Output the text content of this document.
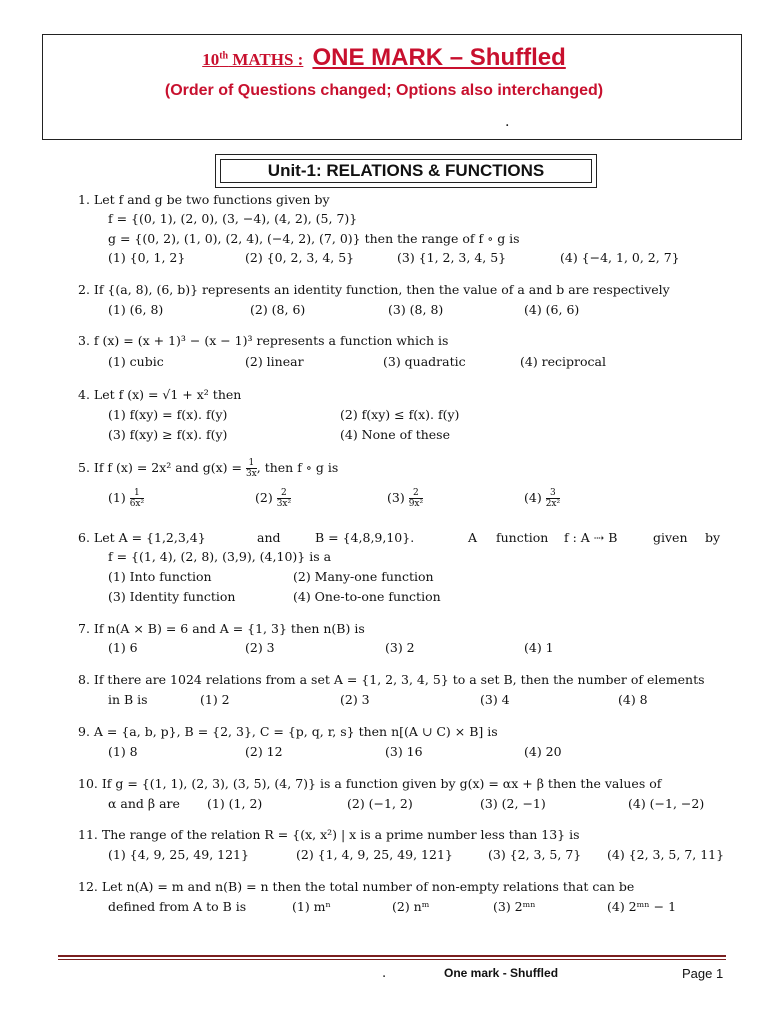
10th MATHS : ONE MARK – Shuffled
(Order of Questions changed; Options also interchanged)
.
Unit-1: RELATIONS & FUNCTIONS
1. Let f and g be two functions given by
f = {(0, 1), (2, 0), (3, −4), (4, 2), (5, 7)}
g = {(0, 2), (1, 0), (2, 4), (−4, 2), (7, 0)} then the range of f ∘ g is
(1) {0, 1, 2}	(2) {0, 2, 3, 4, 5}	(3) {1, 2, 3, 4, 5}	(4) {−4, 1, 0, 2, 7}
2. If {(a, 8), (6, b)} represents an identity function, then the value of a and b are respectively
(1) (6, 8)	(2) (8, 6)	(3) (8, 8)	(4) (6, 6)
3. f (x) = (x + 1)³ − (x − 1)³ represents a function which is
(1) cubic	(2) linear	(3) quadratic	(4) reciprocal
4. Let f (x) = √1 + x² then
(1) f(xy) = f(x). f(y)	(2) f(xy) ≤ f(x). f(y)
(3) f(xy) ≥ f(x). f(y)	(4) None of these
5. If f (x) = 2x² and $g(x) = \frac{1}{3x}$ , then f ∘ g is
$(1) \frac{1}{\text{6x²}}$	$(2) \frac{2}{\text{3x²}}$	$(3) \frac{2}{\text{9x²}}$	$(4) \frac{3}{\text{2x²}}$
6. Let A = {1,2,3,4}	and	B = {4,8,9,10}.	A function f : A ⇢ B	given by
f = {(1, 4), (2, 8), (3,9), (4,10)} is a
(1) Into function	(2) Many-one function
(3) Identity function	(4) One-to-one function
7. If n(A × B) = 6 and A = {1, 3} then n(B) is
(1) 6	(2) 3	(3) 2	(4) 1
8. If there are 1024 relations from a set A = {1, 2, 3, 4, 5} to a set B, then the number of elements
in B is	(1) 2	(2) 3	(3) 4	(4) 8
9. A = {a, b, p}, B = {2, 3}, C = {p, q, r, s} then n[(A ∪ C) × B] is
(1) 8	(2) 12	(3) 16	(4) 20
10. If g = {(1, 1), (2, 3), (3, 5), (4, 7)} is a function given by g(x) = αx + β then the values of
α and β are (1) (1, 2)	(2) (−1, 2)	(3) (2, −1)	(4) (−1, −2)
11. The range of the relation R = {(x, x²) | x is a prime number less than 13} is
(1) {4, 9, 25, 49, 121}	(2) {1, 4, 9, 25, 49, 121}	(3) {2, 3, 5, 7} (4) {2, 3, 5, 7, 11}
12. Let n(A) = m and n(B) = n then the total number of non-empty relations that can be
defined from A to B is	(1) mⁿ	(2) nᵐ	(3) 2ᵐⁿ	(4) 2ᵐⁿ − 1
.	One mark - Shuffled	Page 1
